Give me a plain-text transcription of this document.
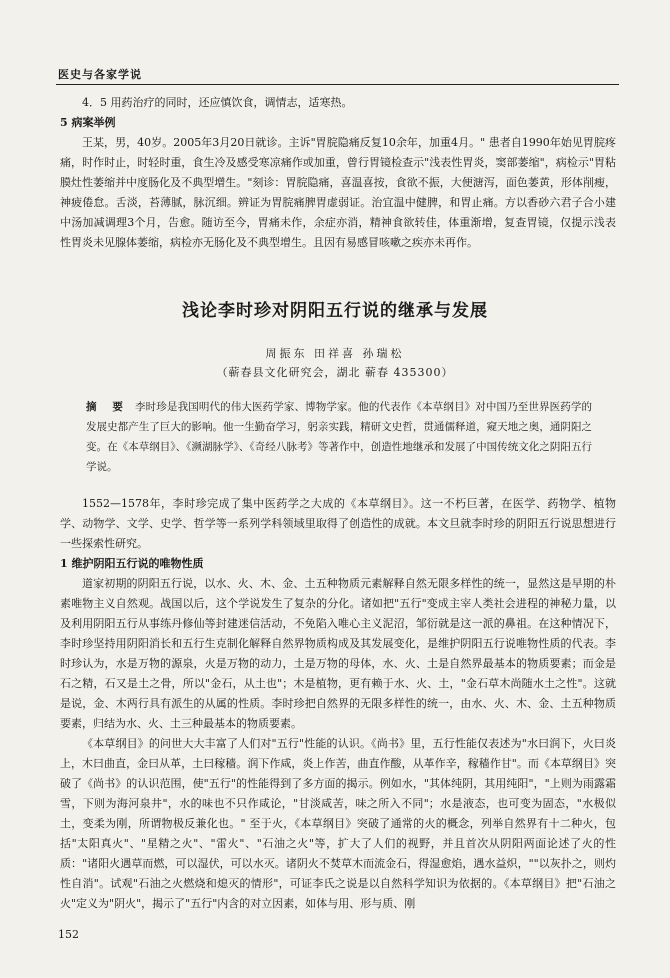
医史与各家学说

4．5 用药治疗的同时，还应慎饮食，调情志，适寒热。

5 病案举例

王某，男，40岁。2005年3月20日就诊。主诉"胃脘隐痛反复10余年，加重4月。" 患者自1990年始见胃脘疼痛，时作时止，时轻时重，食生冷及感受寒凉痛作或加重，曾行胃镜检查示"浅表性胃炎，窦部萎缩"，病检示"胃粘膜灶性萎缩并中度肠化及不典型增生。"刻诊：胃脘隐痛，喜温喜按，食欲不振，大便溏泻，面色萎黄，形体削瘦，神疲倦怠。舌淡，苔薄腻，脉沉细。辨证为胃脘痛脾胃虚弱证。治宜温中健脾，和胃止痛。方以香砂六君子合小建中汤加减调理3个月，告愈。随访至今，胃痛未作，余症亦消，精神食欲转佳，体重渐增，复查胃镜，仅提示浅表性胃炎未见腺体萎缩，病检亦无肠化及不典型增生。且因有易感冒咳嗽之疾亦未再作。

浅论李时珍对阴阳五行说的继承与发展
周振东 田祥喜 孙瑞松
（蕲春县文化研究会，湖北 蕲春 435300）

摘 要 李时珍是我国明代的伟大医药学家、博物学家。他的代表作《本草纲目》对中国乃至世界医药学的发展史都产生了巨大的影响。他一生勤奋学习，躬亲实践，精研文史哲，贯通儒释道，窥天地之奥，通阴阳之变。在《本草纲目》、《濒湖脉学》、《奇经八脉考》等著作中，创造性地继承和发展了中国传统文化之阴阳五行学说。

1552—1578年，李时珍完成了集中医药学之大成的《本草纲目》。这一不朽巨著，在医学、药物学、植物学、动物学、文学、史学、哲学等一系列学科领域里取得了创造性的成就。本文旦就李时珍的阴阳五行说思想进行一些探索性研究。

1 维护阴阳五行说的唯物性质

道家初期的阴阳五行说，以水、火、木、金、土五种物质元素解释自然无限多样性的统一，显然这是早期的朴素唯物主义自然观。战国以后，这个学说发生了复杂的分化。诸如把"五行"变成主宰人类社会进程的神秘力量，以及利用阴阳五行从事练丹修仙等封建迷信活动，不免陷入唯心主义泥沼，邹衍就是这一派的鼻祖。在这种情况下，李时珍坚持用阴阳消长和五行生克制化解释自然界物质构成及其发展变化，是维护阴阳五行说唯物性质的代表。李时珍认为，水是万物的源泉，火是万物的动力，土是万物的母体，水、火、土是自然界最基本的物质要素；而金是石之精，石又是土之骨，所以"金石，从土也"；木是植物，更有赖于水、火、土，"金石草木尚随水土之性"。这就是说，金、木两行具有派生的从属的性质。李时珍把自然界的无限多样性的统一，由水、火、木、金、土五种物质要素，归结为水、火、土三种最基本的物质要素。

《本草纲目》的问世大大丰富了人们对"五行"性能的认识。《尚书》里，五行性能仅表述为"水曰润下，火曰炎上，木曰曲直，金曰从革，土曰稼穑。润下作咸，炎上作苦，曲直作酸，从革作辛，稼穑作甘"。而《本草纲目》突破了《尚书》的认识范围，使"五行"的性能得到了多方面的揭示。例如水，"其体纯阴，其用纯阳"，"上则为雨露霜雪，下则为海河泉井"，水的味也不只作咸论，"甘淡咸苦，味之所入不同"；水是液态，也可变为固态，"水极似土，变柔为刚，所谓物极反兼化也。" 至于火，《本草纲目》突破了通常的火的概念，列举自然界有十二种火，包括"太阳真火"、"星精之火"、"雷火"、"石油之火"等，扩大了人们的视野，并且首次从阴阳两面论述了火的性质："诸阳火遇草而燃，可以湿伏，可以水灭。诸阴火不焚草木而流金石，得湿愈焰，遇水益炽，""以灰扑之，则灼性自消"。试观"石油之火燃烧和熄灭的情形"，可证李氏之说是以自然科学知识为依据的。《本草纲目》把"石油之火"定义为"阴火"，揭示了"五行"内含的对立因素，如体与用、形与质、刚

152
